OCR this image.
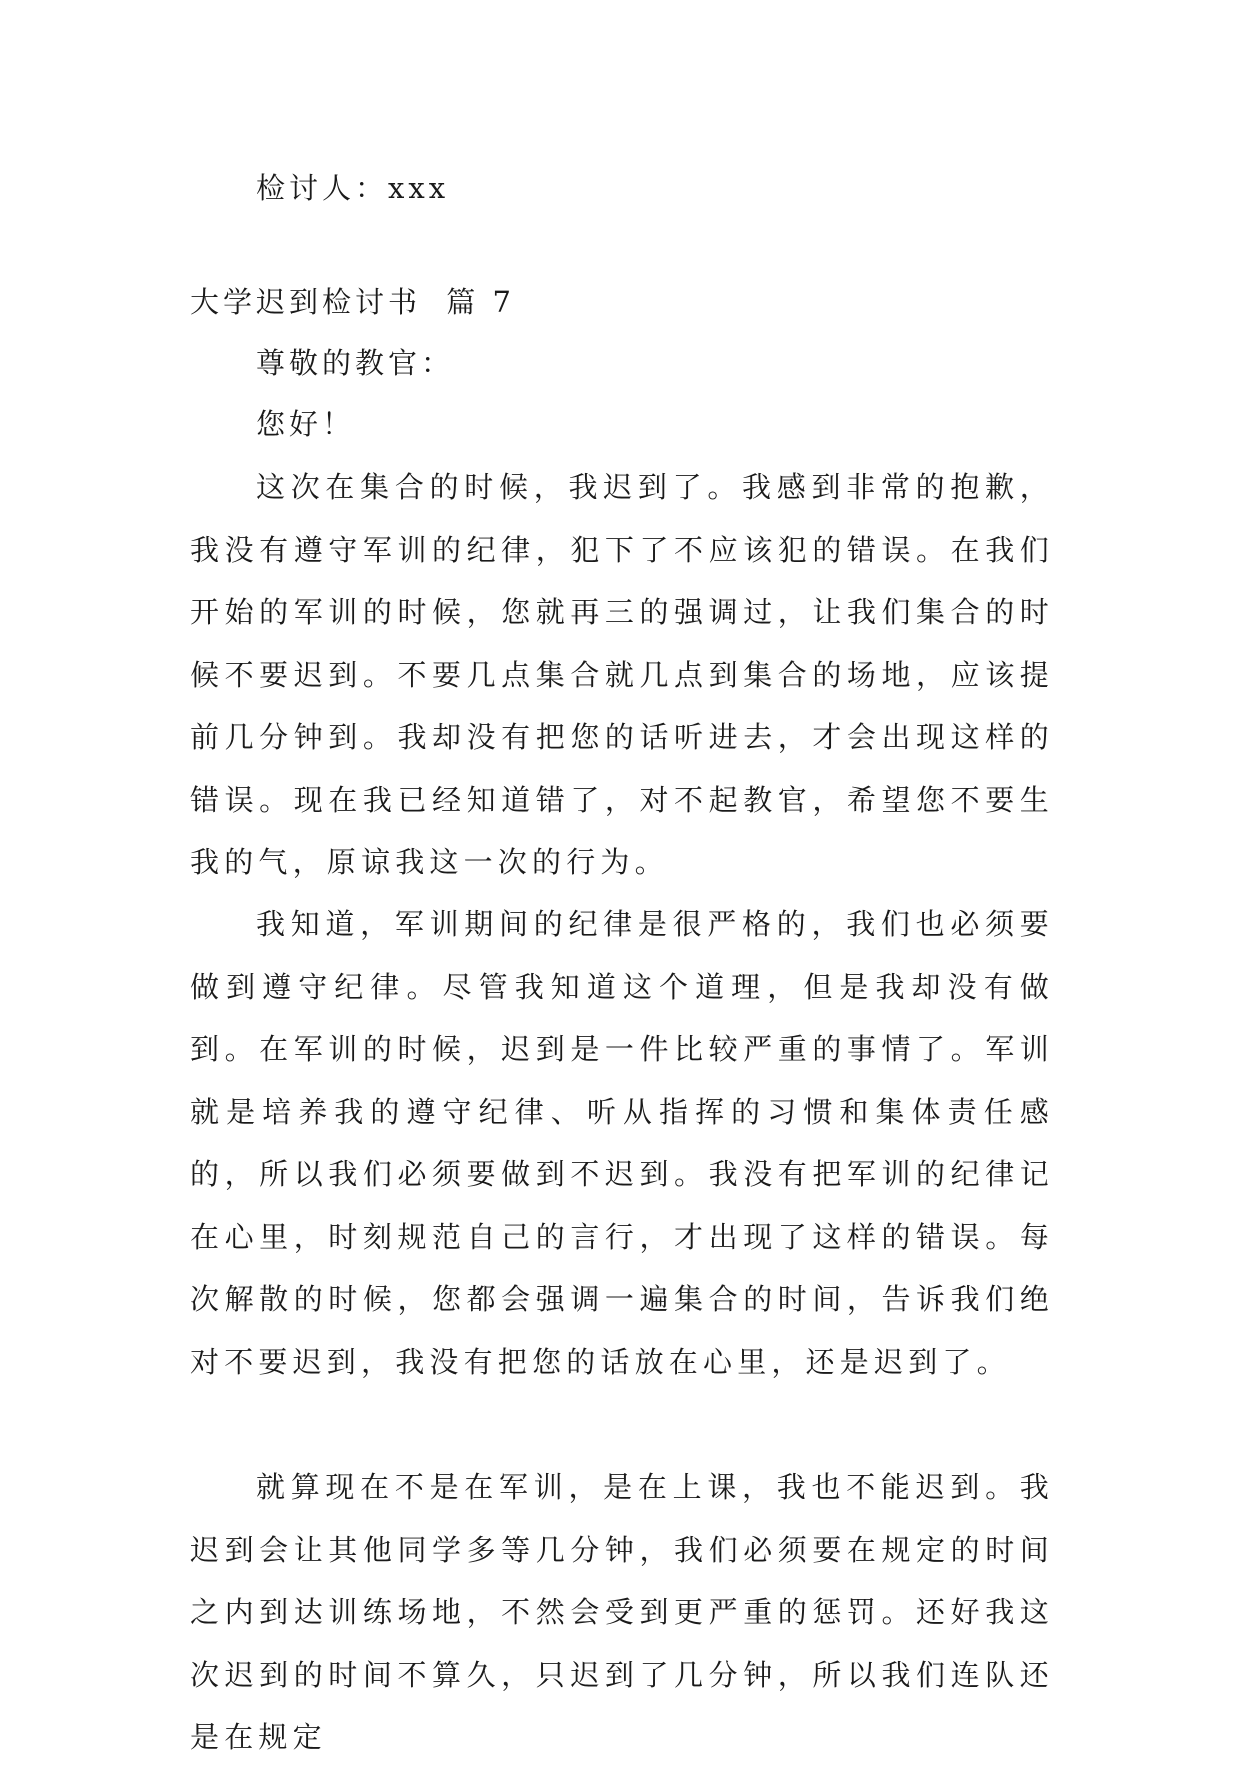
检讨人：xxx
大学迟到检讨书 篇 7
尊敬的教官：
您好！
这次在集合的时候，我迟到了。我感到非常的抱歉，我没有遵守军训的纪律，犯下了不应该犯的错误。在我们开始的军训的时候，您就再三的强调过，让我们集合的时候不要迟到。不要几点集合就几点到集合的场地，应该提前几分钟到。我却没有把您的话听进去，才会出现这样的错误。现在我已经知道错了，对不起教官，希望您不要生我的气，原谅我这一次的行为。
我知道，军训期间的纪律是很严格的，我们也必须要做到遵守纪律。尽管我知道这个道理，但是我却没有做到。在军训的时候，迟到是一件比较严重的事情了。军训就是培养我的遵守纪律、听从指挥的习惯和集体责任感的，所以我们必须要做到不迟到。我没有把军训的纪律记在心里，时刻规范自己的言行，才出现了这样的错误。每次解散的时候，您都会强调一遍集合的时间，告诉我们绝对不要迟到，我没有把您的话放在心里，还是迟到了。
就算现在不是在军训，是在上课，我也不能迟到。我迟到会让其他同学多等几分钟，我们必须要在规定的时间之内到达训练场地，不然会受到更严重的惩罚。还好我这次迟到的时间不算久，只迟到了几分钟，所以我们连队还是在规定
